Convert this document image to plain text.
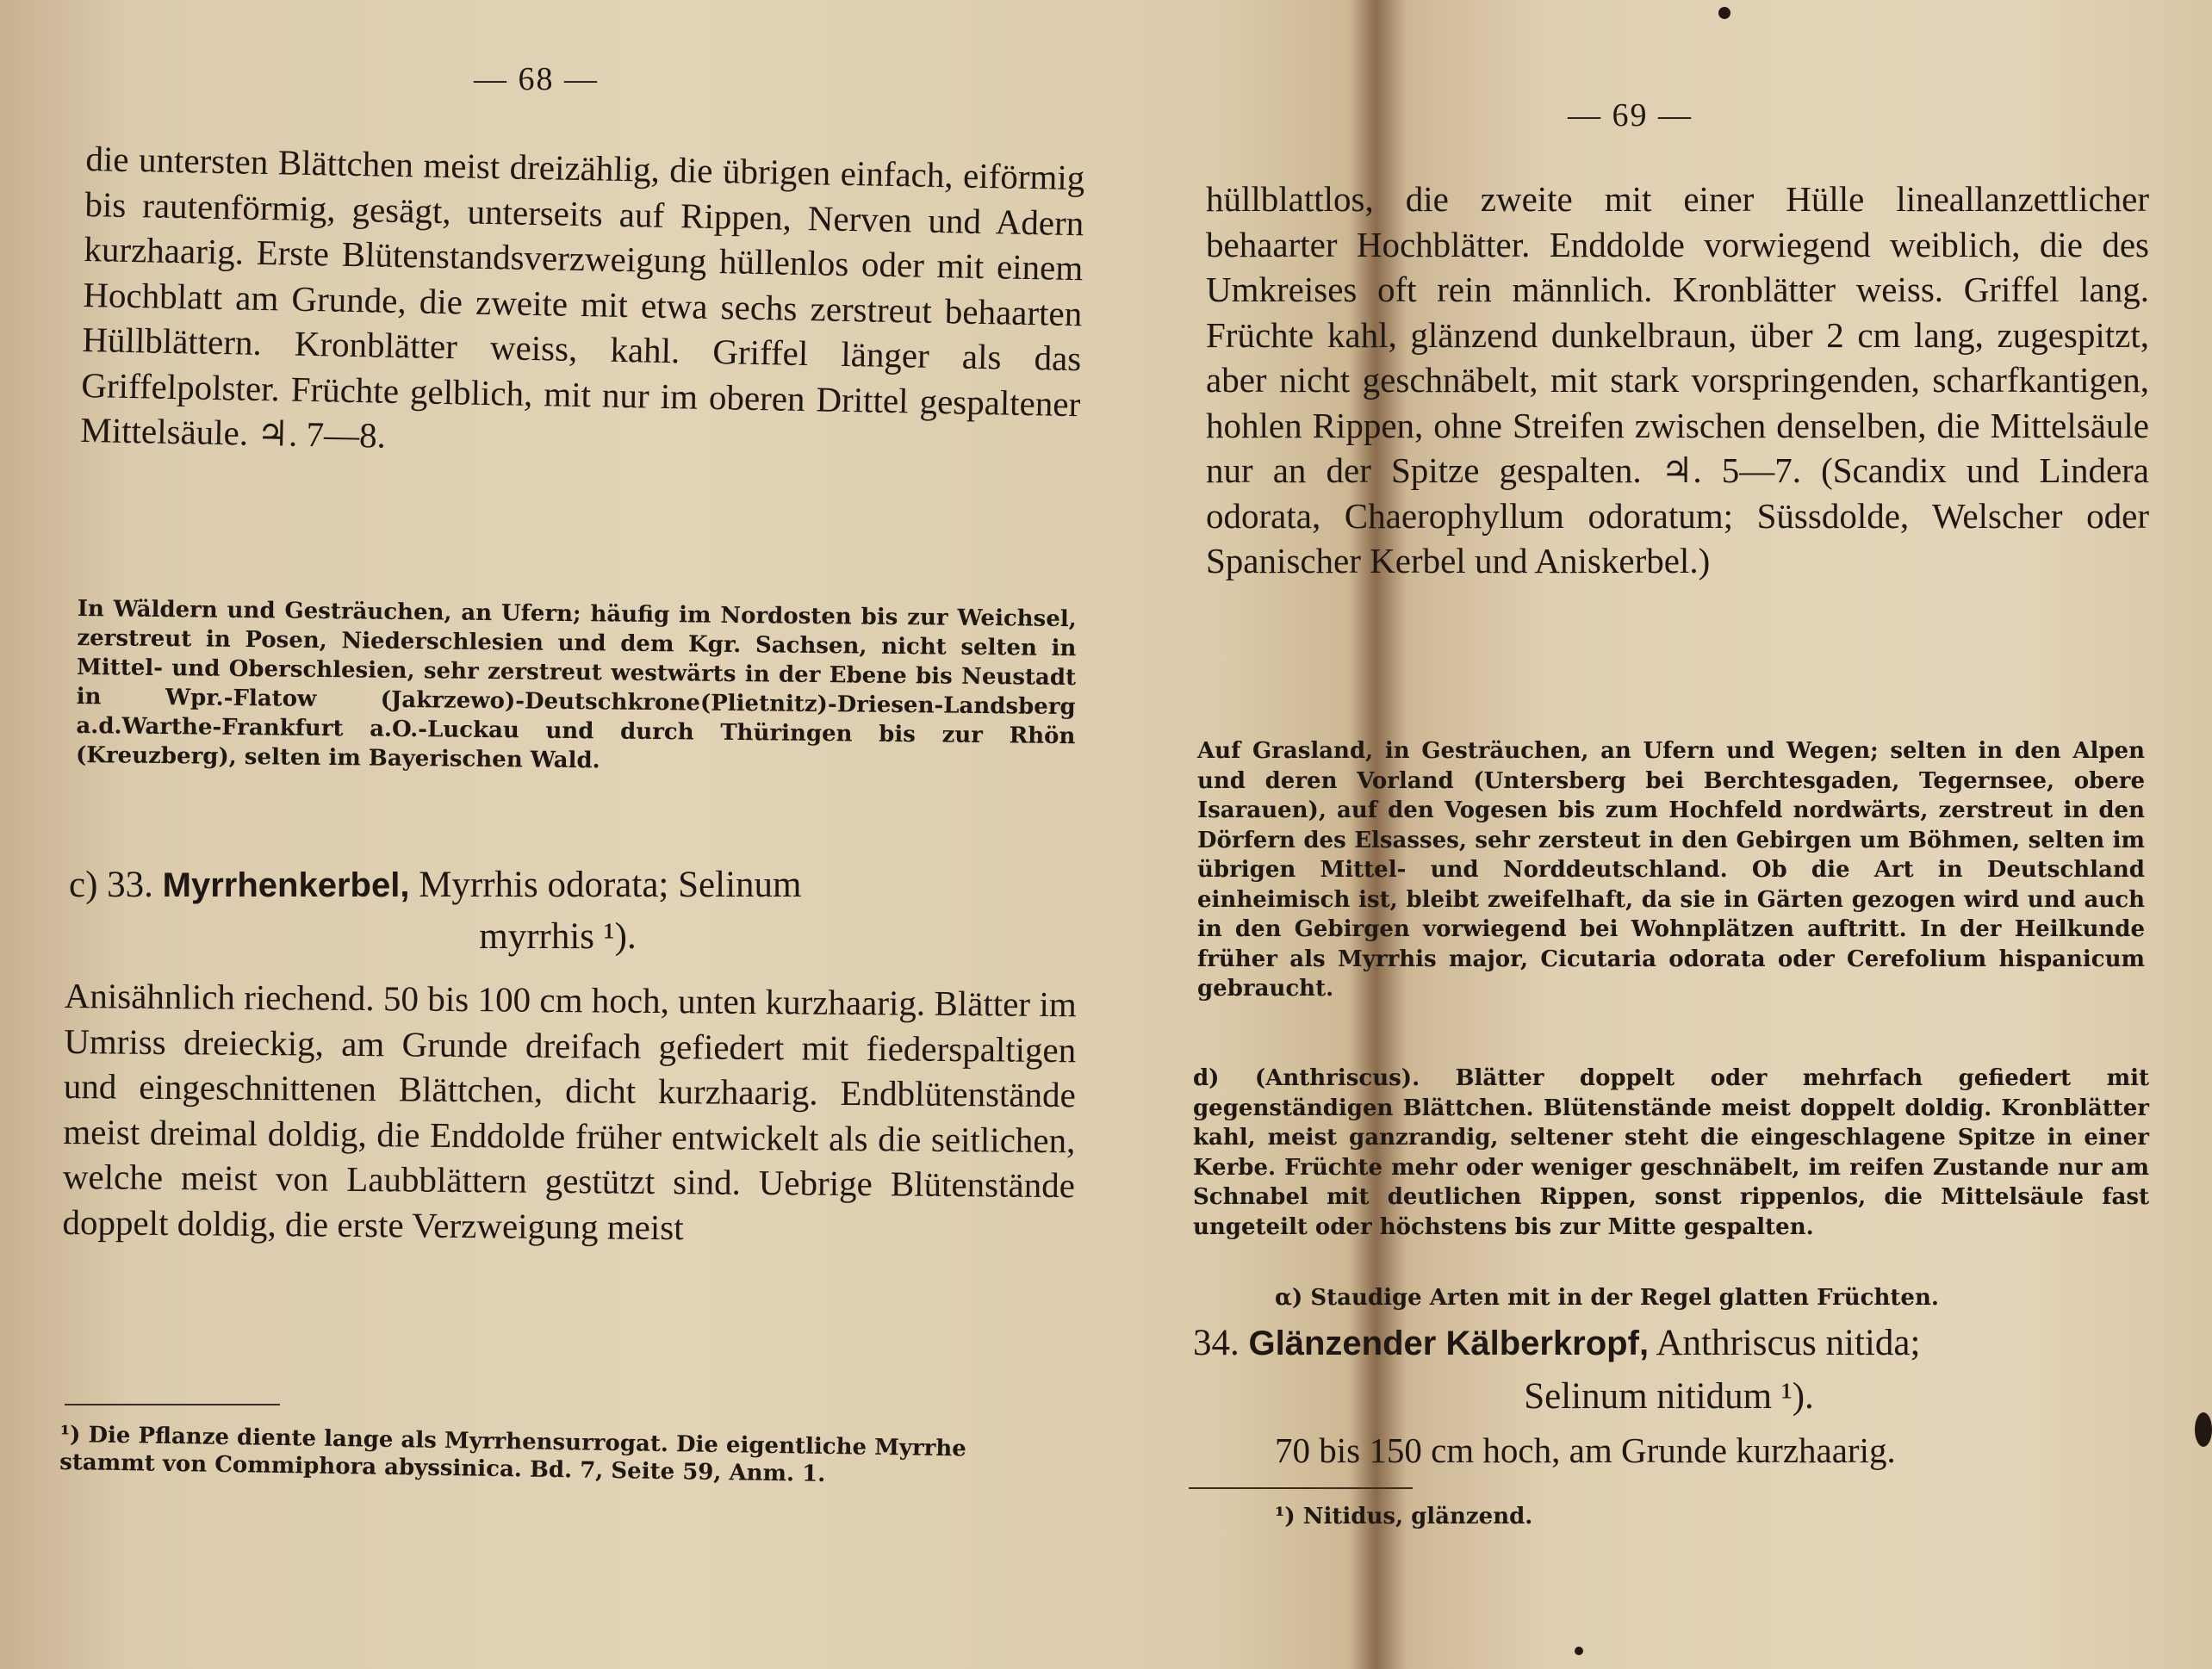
— 68 —
die untersten Blättchen meist dreizählig, die übrigen einfach, eiförmig bis rautenförmig, gesägt, unterseits auf Rippen, Nerven und Adern kurzhaarig. Erste Blütenstandsverzweigung hüllenlos oder mit einem Hochblatt am Grunde, die zweite mit etwa sechs zerstreut behaarten Hüllblättern. Kronblätter weiss, kahl. Griffel länger als das Griffelpolster. Früchte gelblich, mit nur im oberen Drittel gespaltener Mittelsäule. ♃. 7—8.
In Wäldern und Gesträuchen, an Ufern; häufig im Nordosten bis zur Weichsel, zerstreut in Posen, Niederschlesien und dem Kgr. Sachsen, nicht selten in Mittel- und Oberschlesien, sehr zerstreut westwärts in der Ebene bis Neustadt in Wpr.-Flatow (Jakrzewo)-Deutschkrone(Plietnitz)-Driesen-Landsberg a.d.Warthe-Frankfurt a.O.-Luckau und durch Thüringen bis zur Rhön (Kreuzberg), selten im Bayerischen Wald.
c) 33. Myrrhenkerbel, Myrrhis odorata; Selinum
myrrhis ¹).
Anisähnlich riechend. 50 bis 100 cm hoch, unten kurzhaarig. Blätter im Umriss dreieckig, am Grunde dreifach gefiedert mit fiederspaltigen und eingeschnittenen Blättchen, dicht kurzhaarig. Endblütenstände meist dreimal doldig, die Enddolde früher entwickelt als die seitlichen, welche meist von Laubblättern gestützt sind. Uebrige Blütenstände doppelt doldig, die erste Verzweigung meist
¹) Die Pflanze diente lange als Myrrhensurrogat. Die eigentliche Myrrhe stammt von Commiphora abyssinica. Bd. 7, Seite 59, Anm. 1.
— 69 —
hüllblattlos, die zweite mit einer Hülle lineallanzettlicher behaarter Hochblätter. Enddolde vorwiegend weiblich, die des Umkreises oft rein männlich. Kronblätter weiss. Griffel lang. Früchte kahl, glänzend dunkelbraun, über 2 cm lang, zugespitzt, aber nicht geschnäbelt, mit stark vorspringenden, scharfkantigen, hohlen Rippen, ohne Streifen zwischen denselben, die Mittelsäule nur an der Spitze gespalten. ♃. 5—7. (Scandix und Lindera odorata, Chaerophyllum odoratum; Süssdolde, Welscher oder Spanischer Kerbel und Aniskerbel.)
Auf Grasland, in Gesträuchen, an Ufern und Wegen; selten in den Alpen und deren Vorland (Untersberg bei Berchtesgaden, Tegernsee, obere Isarauen), auf den Vogesen bis zum Hochfeld nordwärts, zerstreut in den Dörfern des Elsasses, sehr zersteut in den Gebirgen um Böhmen, selten im übrigen Mittel- und Norddeutschland. Ob die Art in Deutschland einheimisch ist, bleibt zweifelhaft, da sie in Gärten gezogen wird und auch in den Gebirgen vorwiegend bei Wohnplätzen auftritt. In der Heilkunde früher als Myrrhis major, Cicutaria odorata oder Cerefolium hispanicum gebraucht.
d) (Anthriscus). Blätter doppelt oder mehrfach gefiedert mit gegenständigen Blättchen. Blütenstände meist doppelt doldig. Kronblätter kahl, meist ganzrandig, seltener steht die eingeschlagene Spitze in einer Kerbe. Früchte mehr oder weniger geschnäbelt, im reifen Zustande nur am Schnabel mit deutlichen Rippen, sonst rippenlos, die Mittelsäule fast ungeteilt oder höchstens bis zur Mitte gespalten.
α) Staudige Arten mit in der Regel glatten Früchten.
34. Glänzender Kälberkropf, Anthriscus nitida;
Selinum nitidum ¹).
70 bis 150 cm hoch, am Grunde kurzhaarig.
¹) Nitidus, glänzend.
